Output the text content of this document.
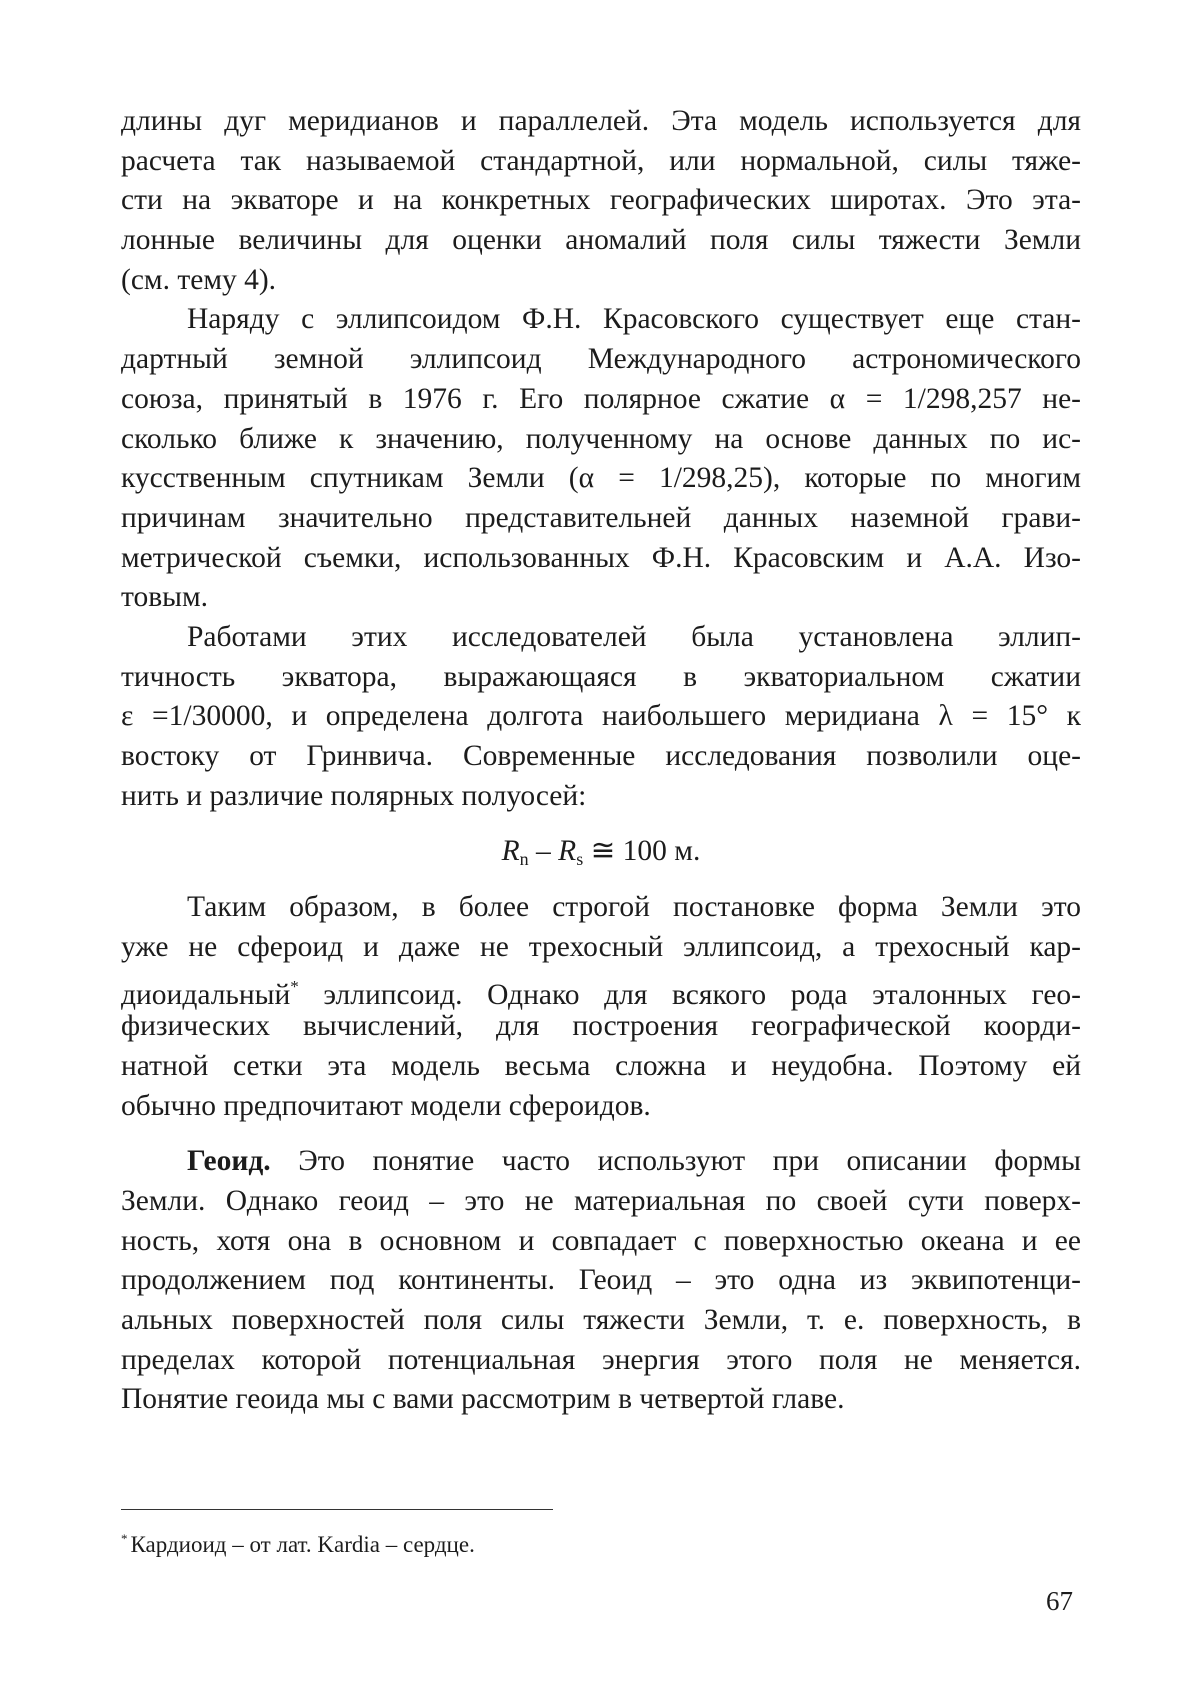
длины дуг меридианов и параллелей. Эта модель используется для
расчета так называемой стандартной, или нормальной, силы тяже-
сти на экваторе и на конкретных географических широтах. Это эта-
лонные величины для оценки аномалий поля силы тяжести Земли
(см. тему 4).
Наряду с эллипсоидом Ф.Н. Красовского существует еще стан-
дартный земной эллипсоид Международного астрономического
союза, принятый в 1976 г. Его полярное сжатие α = 1/298,257 не-
сколько ближе к значению, полученному на основе данных по ис-
кусственным спутникам Земли (α = 1/298,25), которые по многим
причинам значительно представительней данных наземной грави-
метрической съемки, использованных Ф.Н. Красовским и А.А. Изо-
товым.
Работами этих исследователей была установлена эллип-
тичность экватора, выражающаяся в экваториальном сжатии
ε =1/30000, и определена долгота наибольшего меридиана λ = 15° к
востоку от Гринвича. Современные исследования позволили оце-
нить и различие полярных полуосей:
$R_n - R_s$ ≅ 100 м.
Таким образом, в более строгой постановке форма Земли это
уже не сфероид и даже не трехосный эллипсоид, а трехосный кар-
диоидальный* эллипсоид. Однако для всякого рода эталонных гео-
физических вычислений, для построения географической коорди-
натной сетки эта модель весьма сложна и неудобна. Поэтому ей
обычно предпочитают модели сфероидов.
Геоид. Это понятие часто используют при описании формы
Земли. Однако геоид – это не материальная по своей сути поверх-
ность, хотя она в основном и совпадает с поверхностью океана и ее
продолжением под континенты. Геоид – это одна из эквипотенци-
альных поверхностей поля силы тяжести Земли, т. е. поверхность, в
пределах которой потенциальная энергия этого поля не меняется.
Понятие геоида мы с вами рассмотрим в четвертой главе.
* Кардиоид – от лат. Kardia – сердце.
67
